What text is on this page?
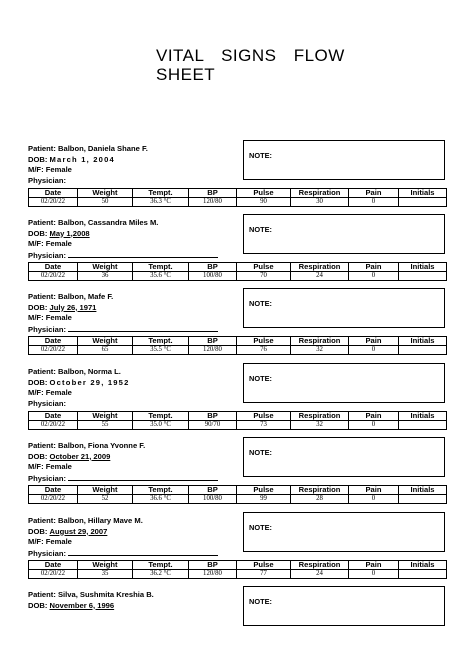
VITAL SIGNS FLOW
SHEET
Patient: Balbon, Daniela Shane F.
DOB: March 1, 2004
M/F: Female
Physician:
NOTE:
Date	Weight	Tempt.	BP	Pulse	Respiration	Pain	Initials
02/20/22	50	36.3 °C	120/80	90	30	0	
Patient: Balbon, Cassandra Miles M.
DOB: May 1,2008
M/F: Female
Physician:
NOTE:
Date	Weight	Tempt.	BP	Pulse	Respiration	Pain	Initials
02/20/22	36	35.6 °C	100/80	70	24	0	
Patient: Balbon, Mafe F.
DOB: July 26, 1971
M/F: Female
Physician:
NOTE:
Date	Weight	Tempt.	BP	Pulse	Respiration	Pain	Initials
02/20/22	65	35.5 °C	120/80	76	32	0	
Patient: Balbon, Norma L.
DOB: October 29, 1952
M/F: Female
Physician:
NOTE:
Date	Weight	Tempt.	BP	Pulse	Respiration	Pain	Initials
02/20/22	55	35.0 °C	90/70	73	32	0	
Patient: Balbon, Fiona Yvonne F.
DOB: October 21, 2009
M/F: Female
Physician:
NOTE:
Date	Weight	Tempt.	BP	Pulse	Respiration	Pain	Initials
02/20/22	52	36.6 °C	100/80	99	28	0	
Patient: Balbon, Hillary Mave M.
DOB: August 29, 2007
M/F: Female
Physician:
NOTE:
Date	Weight	Tempt.	BP	Pulse	Respiration	Pain	Initials
02/20/22	35	36.2 °C	120/80	77	24	0	
Patient: Silva, Sushmita Kreshia B.
DOB: November 6, 1996	NOTE:
